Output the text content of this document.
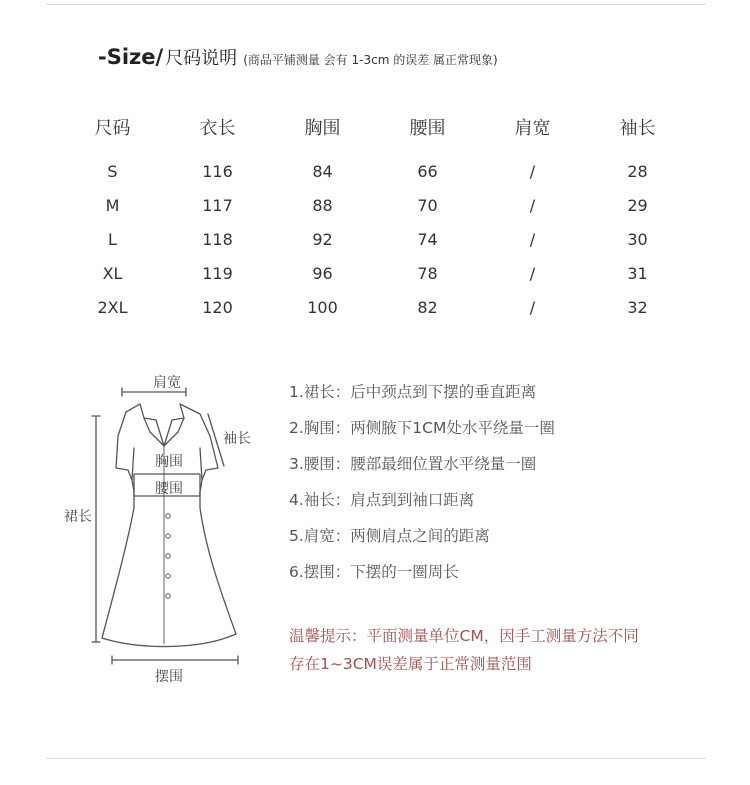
-Size/ 尺码说明 (商品平铺测量 会有 1-3cm 的误差 属正常现象)
尺码	衣长	胸围	腰围	肩宽	袖长
S	116	84	66	/	28
M	117	88	70	/	29
L	118	92	74	/	30
XL	119	96	78	/	31
2XL	120	100	82	/	32
肩宽
袖长
胸围
腰围
裙长
摆围
1.裙长：后中颈点到下摆的垂直距离
2.胸围：两侧腋下1CM处水平绕量一圈
3.腰围：腰部最细位置水平绕量一圈
4.袖长：肩点到到袖口距离
5.肩宽：两侧肩点之间的距离
6.摆围：下摆的一圈周长
温馨提示：平面测量单位CM，因手工测量方法不同
存在1~3CM误差属于正常测量范围
